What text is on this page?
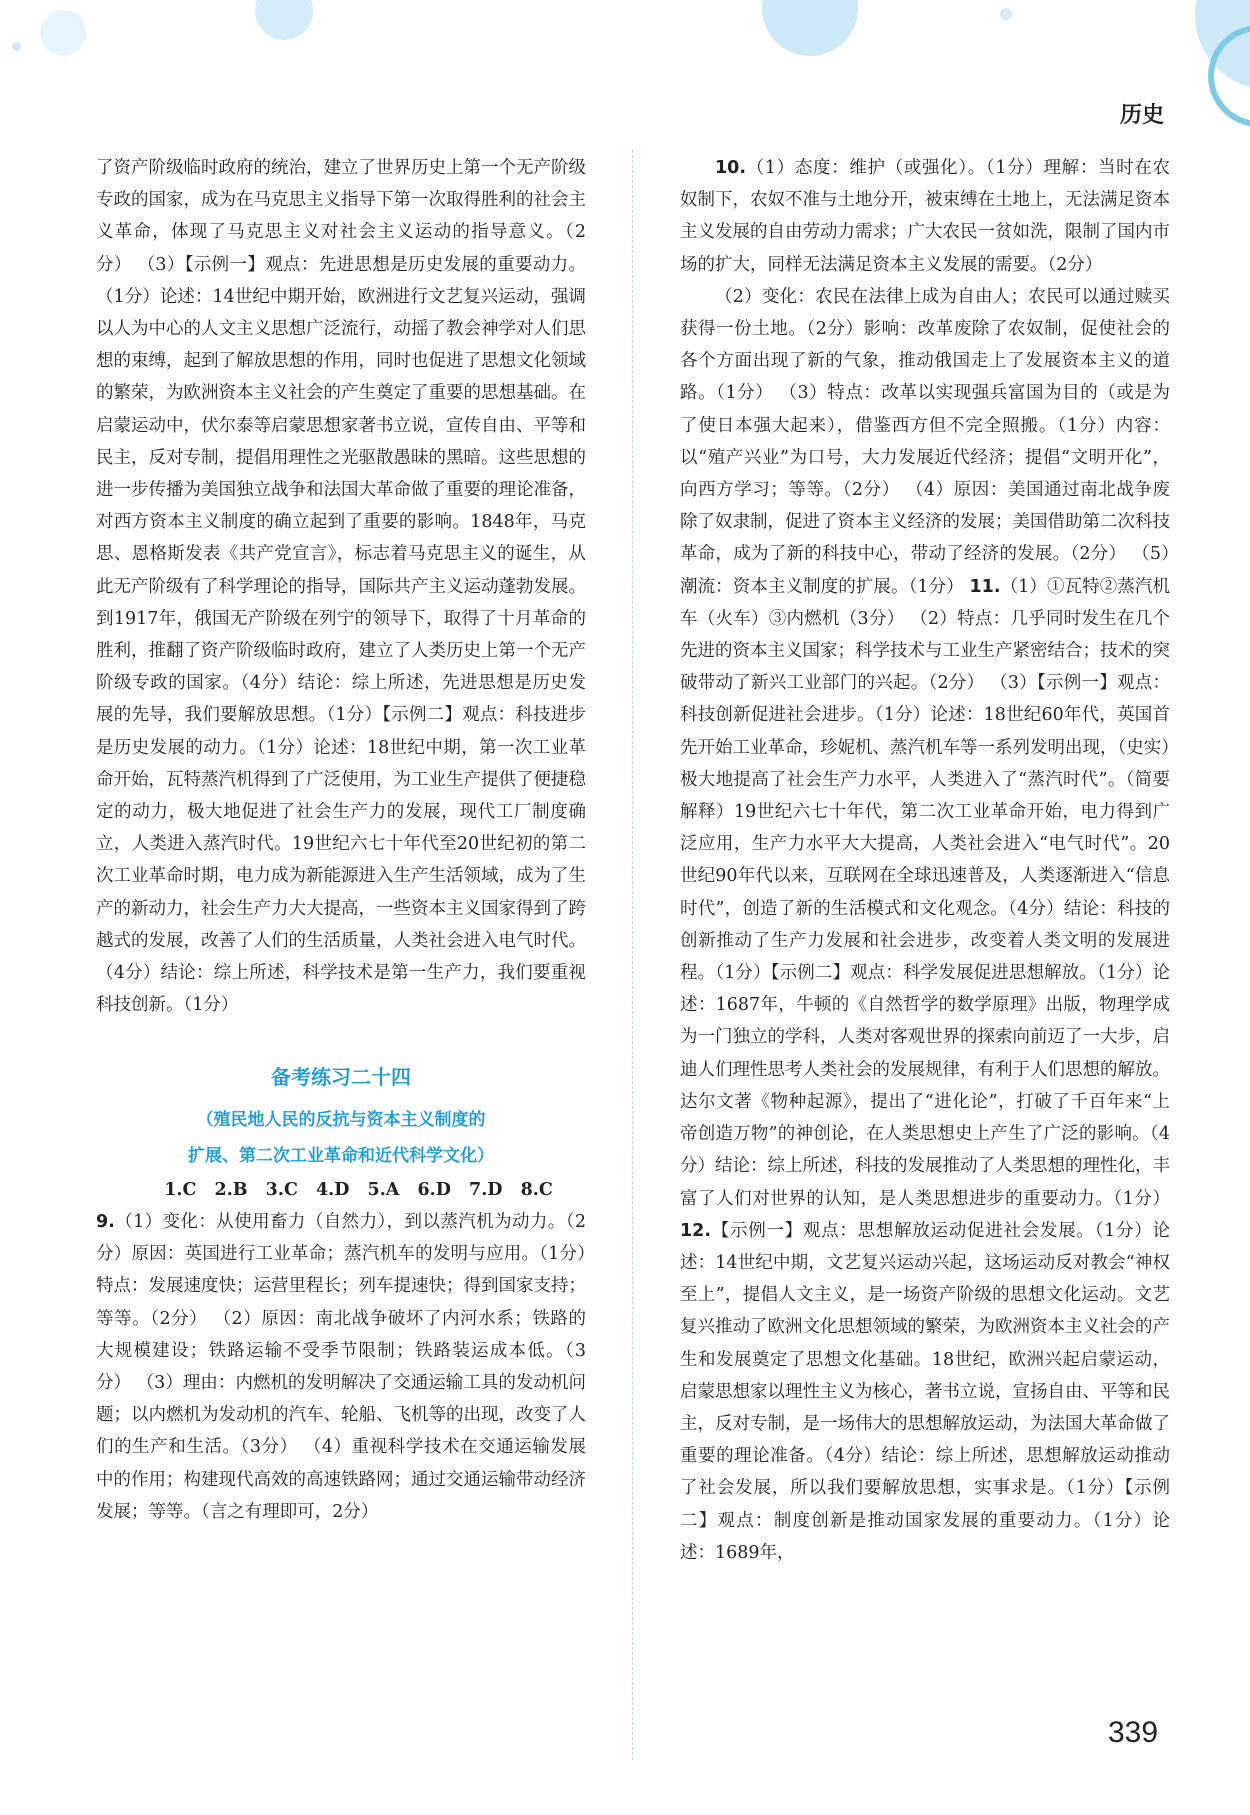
历史

了资产阶级临时政府的统治，建立了世界历史上第一个无产阶级专政的国家，成为在马克思主义指导下第一次取得胜利的社会主义革命，体现了马克思主义对社会主义运动的指导意义。（2分） （3）【示例一】观点：先进思想是历史发展的重要动力。（1分）论述：14世纪中期开始，欧洲进行文艺复兴运动，强调以人为中心的人文主义思想广泛流行，动摇了教会神学对人们思想的束缚，起到了解放思想的作用，同时也促进了思想文化领域的繁荣，为欧洲资本主义社会的产生奠定了重要的思想基础。在启蒙运动中，伏尔泰等启蒙思想家著书立说，宣传自由、平等和民主，反对专制，提倡用理性之光驱散愚昧的黑暗。这些思想的进一步传播为美国独立战争和法国大革命做了重要的理论准备，对西方资本主义制度的确立起到了重要的影响。1848年，马克思、恩格斯发表《共产党宣言》，标志着马克思主义的诞生，从此无产阶级有了科学理论的指导，国际共产主义运动蓬勃发展。到1917年，俄国无产阶级在列宁的领导下，取得了十月革命的胜利，推翻了资产阶级临时政府，建立了人类历史上第一个无产阶级专政的国家。（4分）结论：综上所述，先进思想是历史发展的先导，我们要解放思想。（1分）【示例二】观点：科技进步是历史发展的动力。（1分）论述：18世纪中期，第一次工业革命开始，瓦特蒸汽机得到了广泛使用，为工业生产提供了便捷稳定的动力，极大地促进了社会生产力的发展，现代工厂制度确立，人类进入蒸汽时代。19世纪六七十年代至20世纪初的第二次工业革命时期，电力成为新能源进入生产生活领域，成为了生产的新动力，社会生产力大大提高，一些资本主义国家得到了跨越式的发展，改善了人们的生活质量，人类社会进入电气时代。（4分）结论：综上所述，科学技术是第一生产力，我们要重视科技创新。（1分）

备考练习二十四
（殖民地人民的反抗与资本主义制度的
扩展、第二次工业革命和近代科学文化）

1.C 2.B 3.C 4.D 5.A 6.D 7.D 8.C

9.（1）变化：从使用畜力（自然力），到以蒸汽机为动力。（2分）原因：英国进行工业革命；蒸汽机车的发明与应用。（1分）特点：发展速度快；运营里程长；列车提速快；得到国家支持；等等。（2分） （2）原因：南北战争破坏了内河水系；铁路的大规模建设；铁路运输不受季节限制；铁路装运成本低。（3分） （3）理由：内燃机的发明解决了交通运输工具的发动机问题；以内燃机为发动机的汽车、轮船、飞机等的出现，改变了人们的生产和生活。（3分） （4）重视科学技术在交通运输发展中的作用；构建现代高效的高速铁路网；通过交通运输带动经济发展；等等。（言之有理即可，2分）

10.（1）态度：维护（或强化）。（1分）理解：当时在农奴制下，农奴不准与土地分开，被束缚在土地上，无法满足资本主义发展的自由劳动力需求；广大农民一贫如洗，限制了国内市场的扩大，同样无法满足资本主义发展的需要。（2分）

（2）变化：农民在法律上成为自由人；农民可以通过赎买获得一份土地。（2分）影响：改革废除了农奴制，促使社会的各个方面出现了新的气象，推动俄国走上了发展资本主义的道路。（1分） （3）特点：改革以实现强兵富国为目的（或是为了使日本强大起来），借鉴西方但不完全照搬。（1分）内容：以“殖产兴业”为口号，大力发展近代经济；提倡“文明开化”，向西方学习；等等。（2分） （4）原因：美国通过南北战争废除了奴隶制，促进了资本主义经济的发展；美国借助第二次科技革命，成为了新的科技中心，带动了经济的发展。（2分） （5）潮流：资本主义制度的扩展。（1分） 11.（1）①瓦特②蒸汽机车（火车）③内燃机（3分） （2）特点：几乎同时发生在几个先进的资本主义国家；科学技术与工业生产紧密结合；技术的突破带动了新兴工业部门的兴起。（2分） （3）【示例一】观点：科技创新促进社会进步。（1分）论述：18世纪60年代，英国首先开始工业革命，珍妮机、蒸汽机车等一系列发明出现，（史实）极大地提高了社会生产力水平，人类进入了“蒸汽时代”。（简要解释）19世纪六七十年代，第二次工业革命开始，电力得到广泛应用，生产力水平大大提高，人类社会进入“电气时代”。20世纪90年代以来，互联网在全球迅速普及，人类逐渐进入“信息时代”，创造了新的生活模式和文化观念。（4分）结论：科技的创新推动了生产力发展和社会进步，改变着人类文明的发展进程。（1分）【示例二】观点：科学发展促进思想解放。（1分）论述：1687年，牛顿的《自然哲学的数学原理》出版，物理学成为一门独立的学科，人类对客观世界的探索向前迈了一大步，启迪人们理性思考人类社会的发展规律，有利于人们思想的解放。达尔文著《物种起源》，提出了“进化论”，打破了千百年来“上帝创造万物”的神创论，在人类思想史上产生了广泛的影响。（4分）结论：综上所述，科技的发展推动了人类思想的理性化，丰富了人们对世界的认知，是人类思想进步的重要动力。（1分） 12.【示例一】观点：思想解放运动促进社会发展。（1分）论述：14世纪中期，文艺复兴运动兴起，这场运动反对教会“神权至上”，提倡人文主义，是一场资产阶级的思想文化运动。文艺复兴推动了欧洲文化思想领域的繁荣，为欧洲资本主义社会的产生和发展奠定了思想文化基础。18世纪，欧洲兴起启蒙运动，启蒙思想家以理性主义为核心，著书立说，宣扬自由、平等和民主，反对专制，是一场伟大的思想解放运动，为法国大革命做了重要的理论准备。（4分）结论：综上所述，思想解放运动推动了社会发展，所以我们要解放思想，实事求是。（1分）【示例二】观点：制度创新是推动国家发展的重要动力。（1分）论述：1689年，

339
